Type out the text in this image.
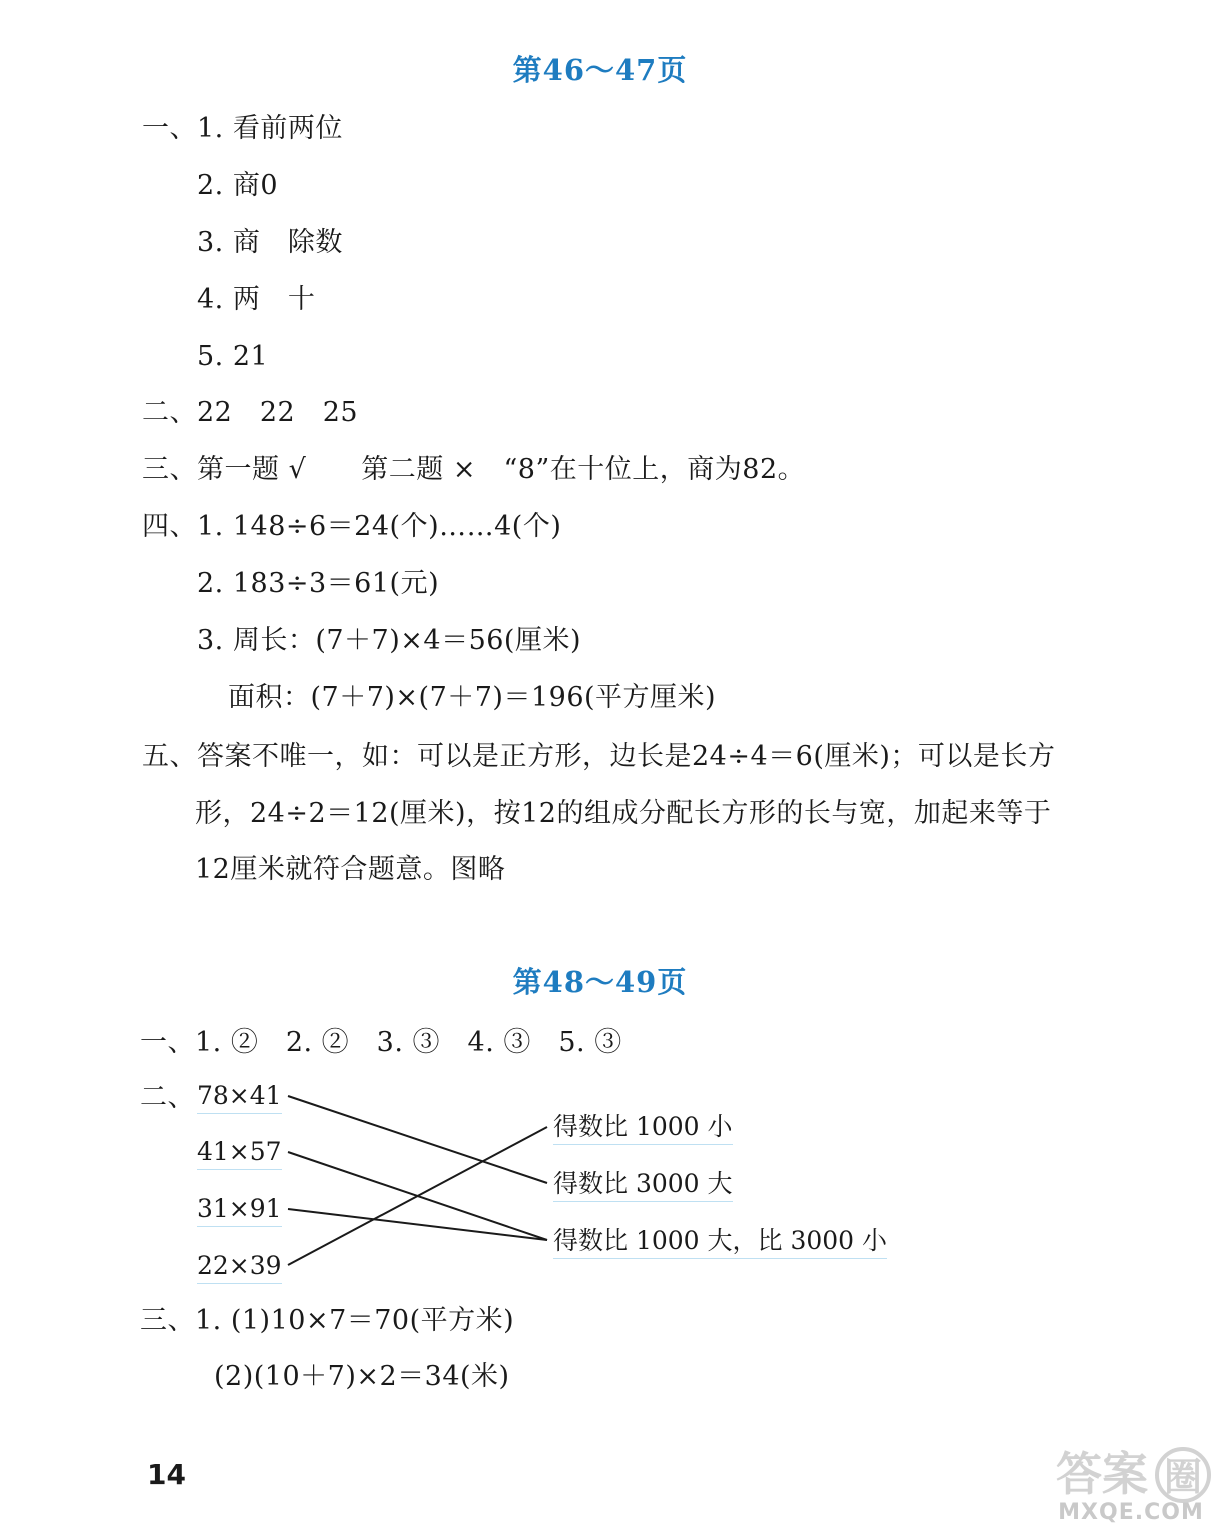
第46～47页
一、1. 看前两位
2. 商0
3. 商　除数
4. 两　十
5. 21
二、22　22　25
三、第一题 √　　第二题 ×　“8”在十位上，商为82。
四、1. 148÷6＝24(个)……4(个)
2. 183÷3＝61(元)
3. 周长：(7＋7)×4＝56(厘米)
面积：(7＋7)×(7＋7)＝196(平方厘米)
五、答案不唯一，如：可以是正方形，边长是24÷4＝6(厘米)；可以是长方
形，24÷2＝12(厘米)，按12的组成分配长方形的长与宽，加起来等于
12厘米就符合题意。图略
第48～49页
一、1. ②　2. ②　3. ③　4. ③　5. ③
二、 78×41
41×57
31×91
22×39
得数比 1000 小
得数比 3000 大
得数比 1000 大，比 3000 小
三、1. (1)10×7＝70(平方米)
(2)(10＋7)×2＝34(米)
14	答案 圈
MXQE.COM
